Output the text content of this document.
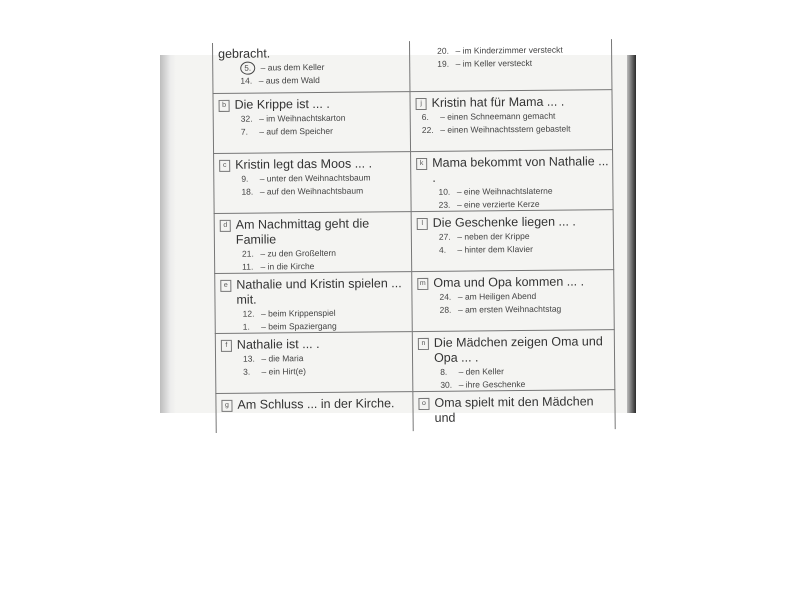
gebracht.
5. – aus dem Keller
14. – aus dem Wald
20. – im Kinderzimmer versteckt
19. – im Keller versteckt
b Die Krippe ist ... .
32. – im Weihnachtskarton
7. – auf dem Speicher
j Kristin hat für Mama ... .
6. – einen Schneemann gemacht
22. – einen Weihnachtsstern gebastelt
c Kristin legt das Moos ... .
9. – unter den Weihnachtsbaum
18. – auf den Weihnachtsbaum
k Mama bekommt von Nathalie ... .
10. – eine Weihnachtslaterne
23. – eine verzierte Kerze
d Am Nachmittag geht die Familie
21. – zu den Großeltern
11. – in die Kirche
l Die Geschenke liegen ... .
27. – neben der Krippe
4. – hinter dem Klavier
e Nathalie und Kristin spielen ... mit.
12. – beim Krippenspiel
1. – beim Spaziergang
m Oma und Opa kommen ... .
24. – am Heiligen Abend
28. – am ersten Weihnachtstag
f Nathalie ist ... .
13. – die Maria
3. – ein Hirt(e)
n Die Mädchen zeigen Oma und Opa ... .
8. – den Keller
30. – ihre Geschenke
g Am Schluss ... in der Kirche.	o Oma spielt mit den Mädchen und
